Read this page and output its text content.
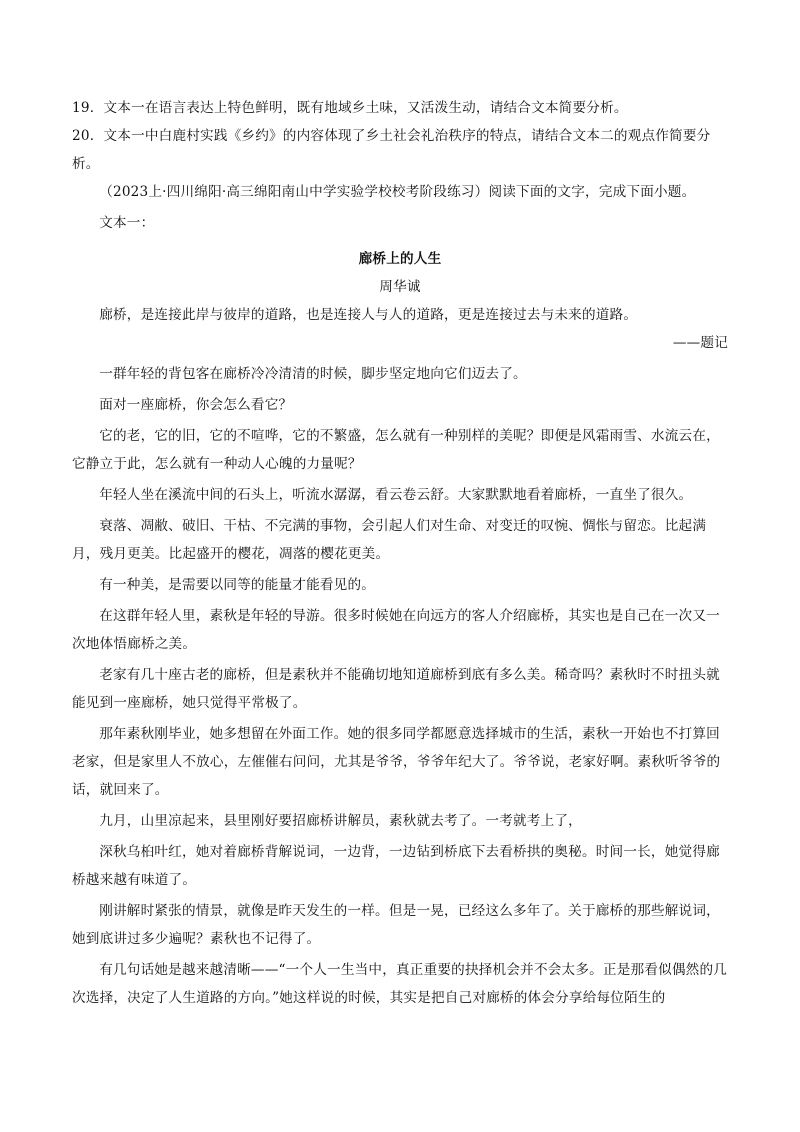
19．文本一在语言表达上特色鲜明，既有地域乡土味，又活泼生动，请结合文本简要分析。

20．文本一中白鹿村实践《乡约》的内容体现了乡土社会礼治秩序的特点，请结合文本二的观点作简要分析。

（2023上·四川绵阳·高三绵阳南山中学实验学校校考阶段练习）阅读下面的文字，完成下面小题。

文本一：

廊桥上的人生

周华诚

廊桥，是连接此岸与彼岸的道路，也是连接人与人的道路，更是连接过去与未来的道路。

——题记

一群年轻的背包客在廊桥冷冷清清的时候，脚步坚定地向它们迈去了。

面对一座廊桥，你会怎么看它？

它的老，它的旧，它的不喧哗，它的不繁盛，怎么就有一种别样的美呢？即便是风霜雨雪、水流云在，它静立于此，怎么就有一种动人心魄的力量呢？

年轻人坐在溪流中间的石头上，听流水潺潺，看云卷云舒。大家默默地看着廊桥，一直坐了很久。

衰落、凋敝、破旧、干枯、不完满的事物，会引起人们对生命、对变迁的叹惋、惆怅与留恋。比起满月，残月更美。比起盛开的樱花，凋落的樱花更美。

有一种美，是需要以同等的能量才能看见的。

在这群年轻人里，素秋是年轻的导游。很多时候她在向远方的客人介绍廊桥，其实也是自己在一次又一次地体悟廊桥之美。

老家有几十座古老的廊桥，但是素秋并不能确切地知道廊桥到底有多么美。稀奇吗？素秋时不时扭头就能见到一座廊桥，她只觉得平常极了。

那年素秋刚毕业，她多想留在外面工作。她的很多同学都愿意选择城市的生活，素秋一开始也不打算回老家，但是家里人不放心，左催催右问问，尤其是爷爷，爷爷年纪大了。爷爷说，老家好啊。素秋听爷爷的话，就回来了。

九月，山里凉起来，县里刚好要招廊桥讲解员，素秋就去考了。一考就考上了，

深秋乌桕叶红，她对着廊桥背解说词，一边背，一边钻到桥底下去看桥拱的奥秘。时间一长，她觉得廊桥越来越有味道了。

刚讲解时紧张的情景，就像是昨天发生的一样。但是一晃，已经这么多年了。关于廊桥的那些解说词，她到底讲过多少遍呢？素秋也不记得了。

有几句话她是越来越清晰——“一个人一生当中，真正重要的抉择机会并不会太多。正是那看似偶然的几次选择，决定了人生道路的方向。”她这样说的时候，其实是把自己对廊桥的体会分享给每位陌生的
